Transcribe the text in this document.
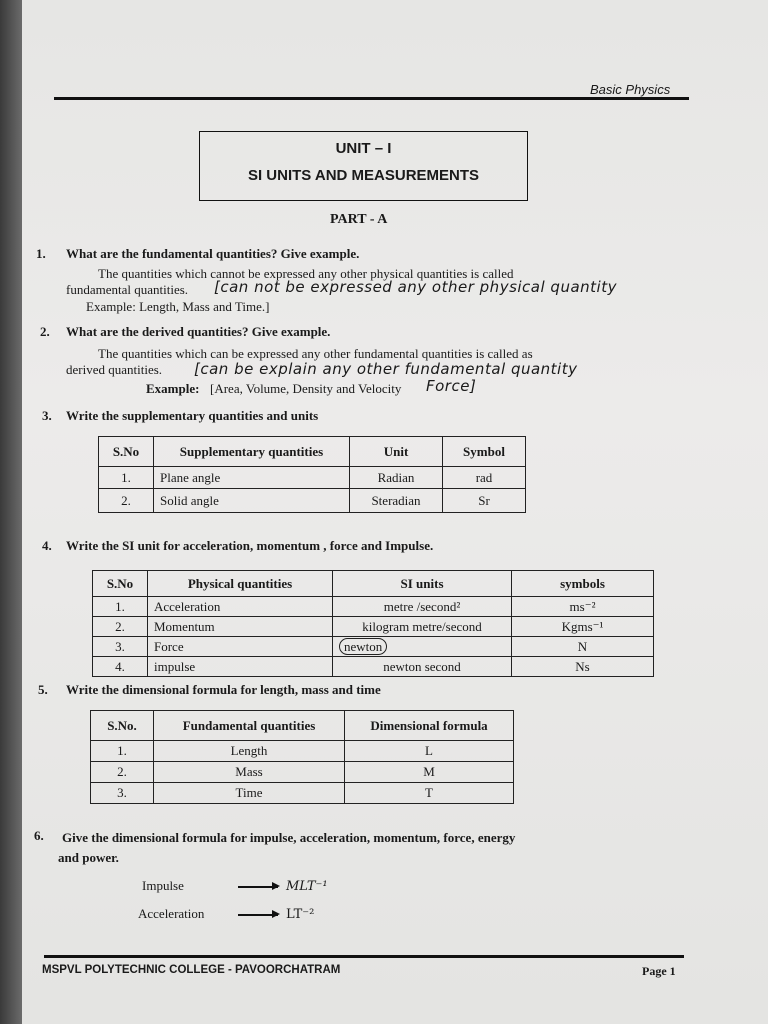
Basic Physics
UNIT – I
SI UNITS AND MEASUREMENTS
PART - A
1. What are the fundamental quantities? Give example.
The quantities which cannot be expressed any other physical quantities is called
fundamental quantities. [can not be expressed any other physical quantity
Example: Length, Mass and Time.]
2. What are the derived quantities? Give example.
The quantities which can be expressed any other fundamental quantities is called as
derived quantities. [can be explain any other fundamental quantity
Example: [Area, Volume, Density and Velocity Force]
3. Write the supplementary quantities and units
S.No	Supplementary quantities	Unit	Symbol
1.	Plane angle	Radian	rad
2.	Solid angle	Steradian	Sr
4. Write the SI unit for acceleration, momentum , force and Impulse.
S.No	Physical quantities	SI units	symbols
1.	Acceleration	metre /second²	ms⁻²
2.	Momentum	kilogram metre/second	Kgms⁻¹
3.	Force	newton	N
4.	impulse	newton second	Ns
5. Write the dimensional formula for length, mass and time
S.No.	Fundamental quantities	Dimensional formula
1.	Length	L
2.	Mass	M
3.	Time	T
6. Give the dimensional formula for impulse, acceleration, momentum, force, energy
and power.
Impulse	MLT⁻¹
Acceleration	LT⁻²
MSPVL POLYTECHNIC COLLEGE - PAVOORCHATRAM	Page 1
